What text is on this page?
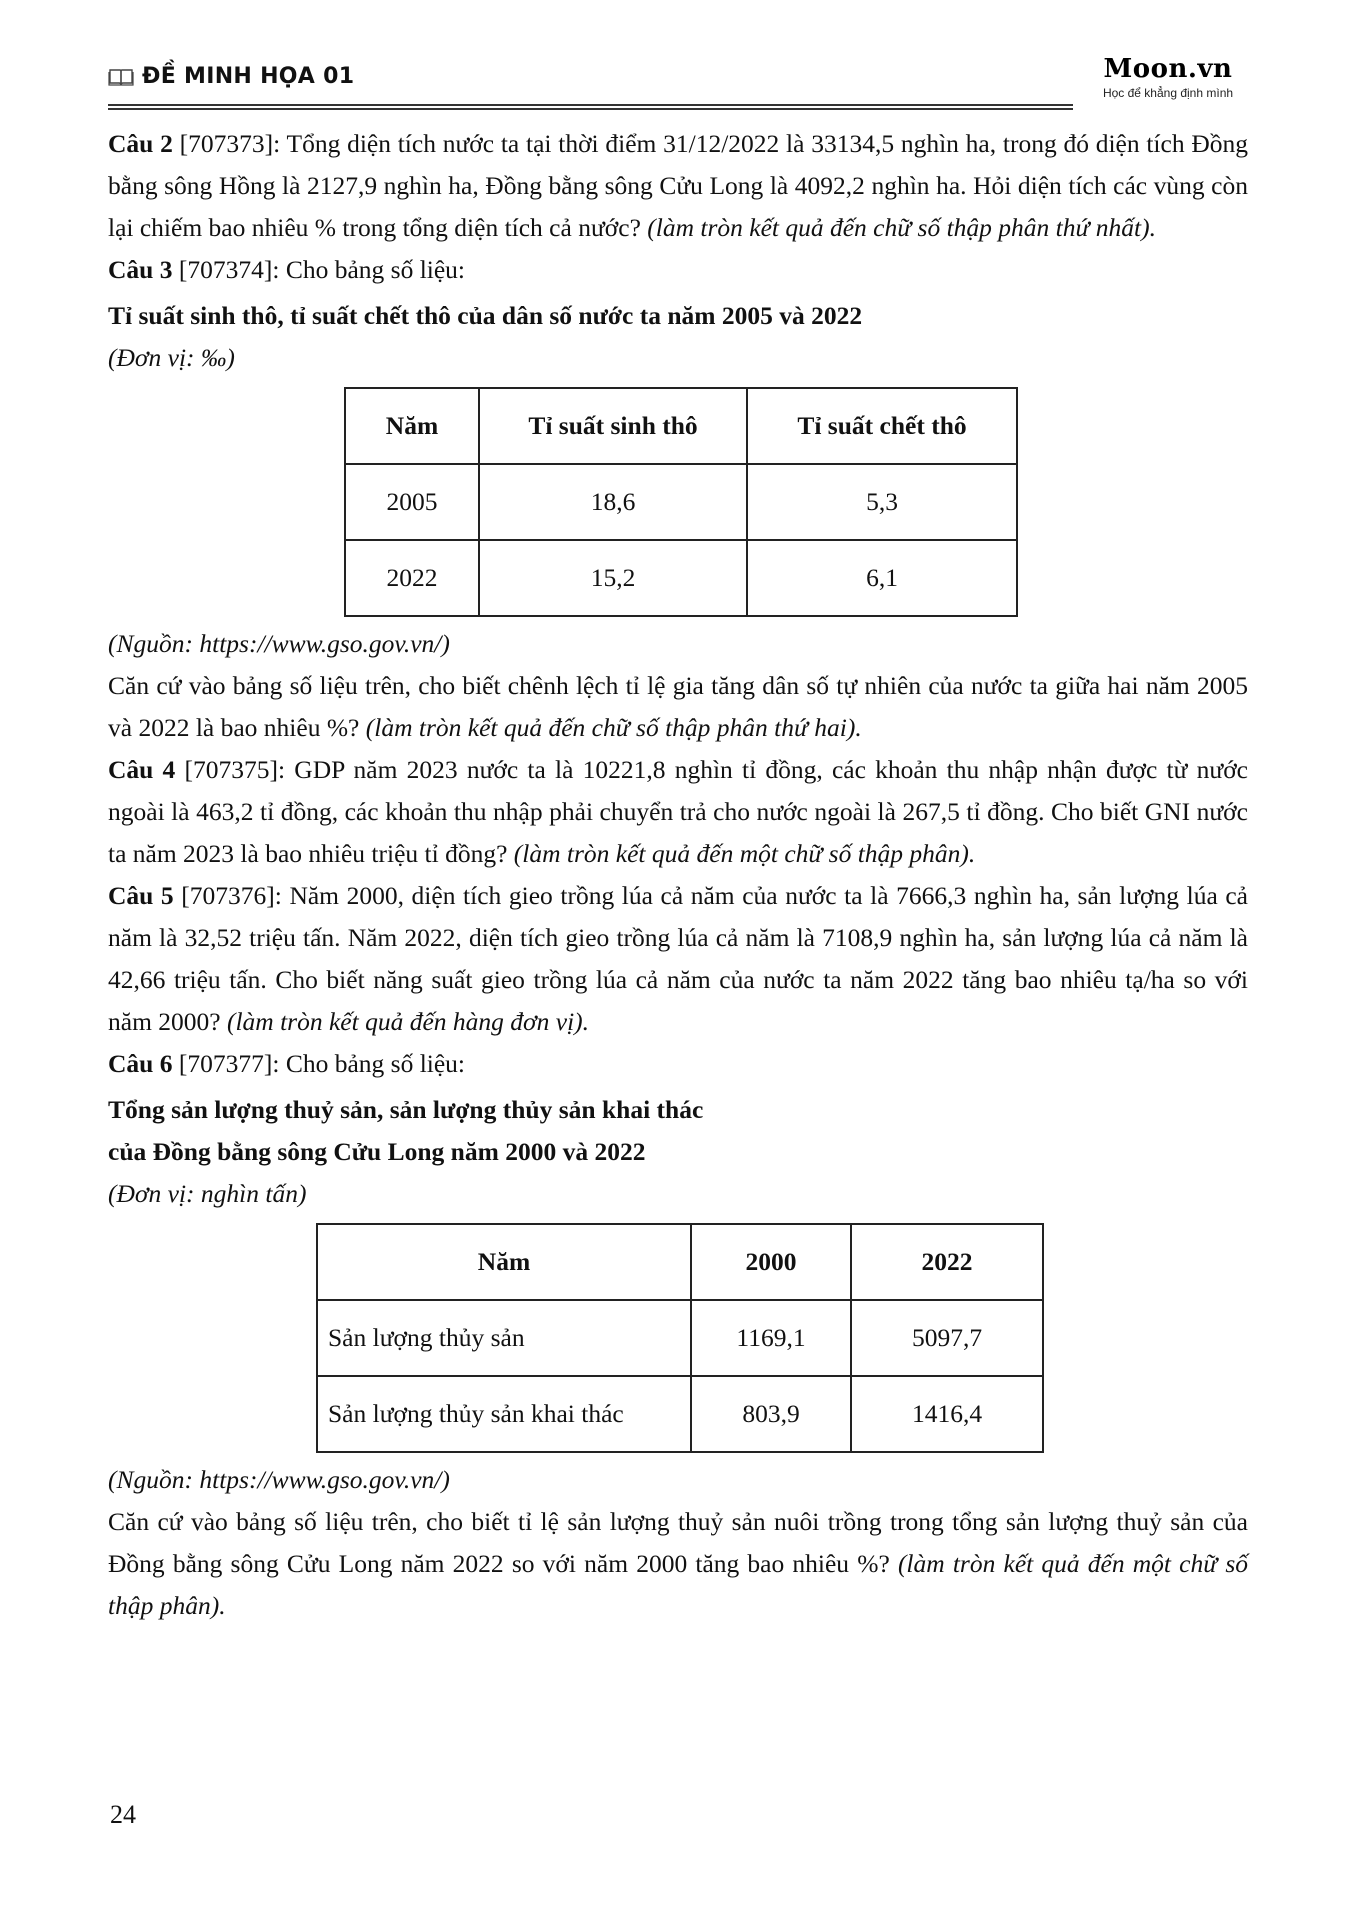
ĐỀ MINH HỌA 01	Moon.vn
Học để khẳng định mình

Câu 2 [707373]: Tổng diện tích nước ta tại thời điểm 31/12/2022 là 33134,5 nghìn ha, trong đó diện tích Đồng bằng sông Hồng là 2127,9 nghìn ha, Đồng bằng sông Cửu Long là 4092,2 nghìn ha. Hỏi diện tích các vùng còn lại chiếm bao nhiêu % trong tổng diện tích cả nước? (làm tròn kết quả đến chữ số thập phân thứ nhất).

Câu 3 [707374]: Cho bảng số liệu:

Tỉ suất sinh thô, tỉ suất chết thô của dân số nước ta năm 2005 và 2022

(Đơn vị: ‰)

Năm	Tỉ suất sinh thô	Tỉ suất chết thô
2005	18,6	5,3
2022	15,2	6,1

(Nguồn: https://www.gso.gov.vn/)

Căn cứ vào bảng số liệu trên, cho biết chênh lệch tỉ lệ gia tăng dân số tự nhiên của nước ta giữa hai năm 2005 và 2022 là bao nhiêu %? (làm tròn kết quả đến chữ số thập phân thứ hai).

Câu 4 [707375]: GDP năm 2023 nước ta là 10221,8 nghìn tỉ đồng, các khoản thu nhập nhận được từ nước ngoài là 463,2 tỉ đồng, các khoản thu nhập phải chuyển trả cho nước ngoài là 267,5 tỉ đồng. Cho biết GNI nước ta năm 2023 là bao nhiêu triệu tỉ đồng? (làm tròn kết quả đến một chữ số thập phân).

Câu 5 [707376]: Năm 2000, diện tích gieo trồng lúa cả năm của nước ta là 7666,3 nghìn ha, sản lượng lúa cả năm là 32,52 triệu tấn. Năm 2022, diện tích gieo trồng lúa cả năm là 7108,9 nghìn ha, sản lượng lúa cả năm là 42,66 triệu tấn. Cho biết năng suất gieo trồng lúa cả năm của nước ta năm 2022 tăng bao nhiêu tạ/ha so với năm 2000? (làm tròn kết quả đến hàng đơn vị).

Câu 6 [707377]: Cho bảng số liệu:

Tổng sản lượng thuỷ sản, sản lượng thủy sản khai thác

của Đồng bằng sông Cửu Long năm 2000 và 2022

(Đơn vị: nghìn tấn)

Năm	2000	2022
Sản lượng thủy sản	1169,1	5097,7
Sản lượng thủy sản khai thác	803,9	1416,4

(Nguồn: https://www.gso.gov.vn/)

Căn cứ vào bảng số liệu trên, cho biết tỉ lệ sản lượng thuỷ sản nuôi trồng trong tổng sản lượng thuỷ sản của Đồng bằng sông Cửu Long năm 2022 so với năm 2000 tăng bao nhiêu %? (làm tròn kết quả đến một chữ số thập phân).

24
